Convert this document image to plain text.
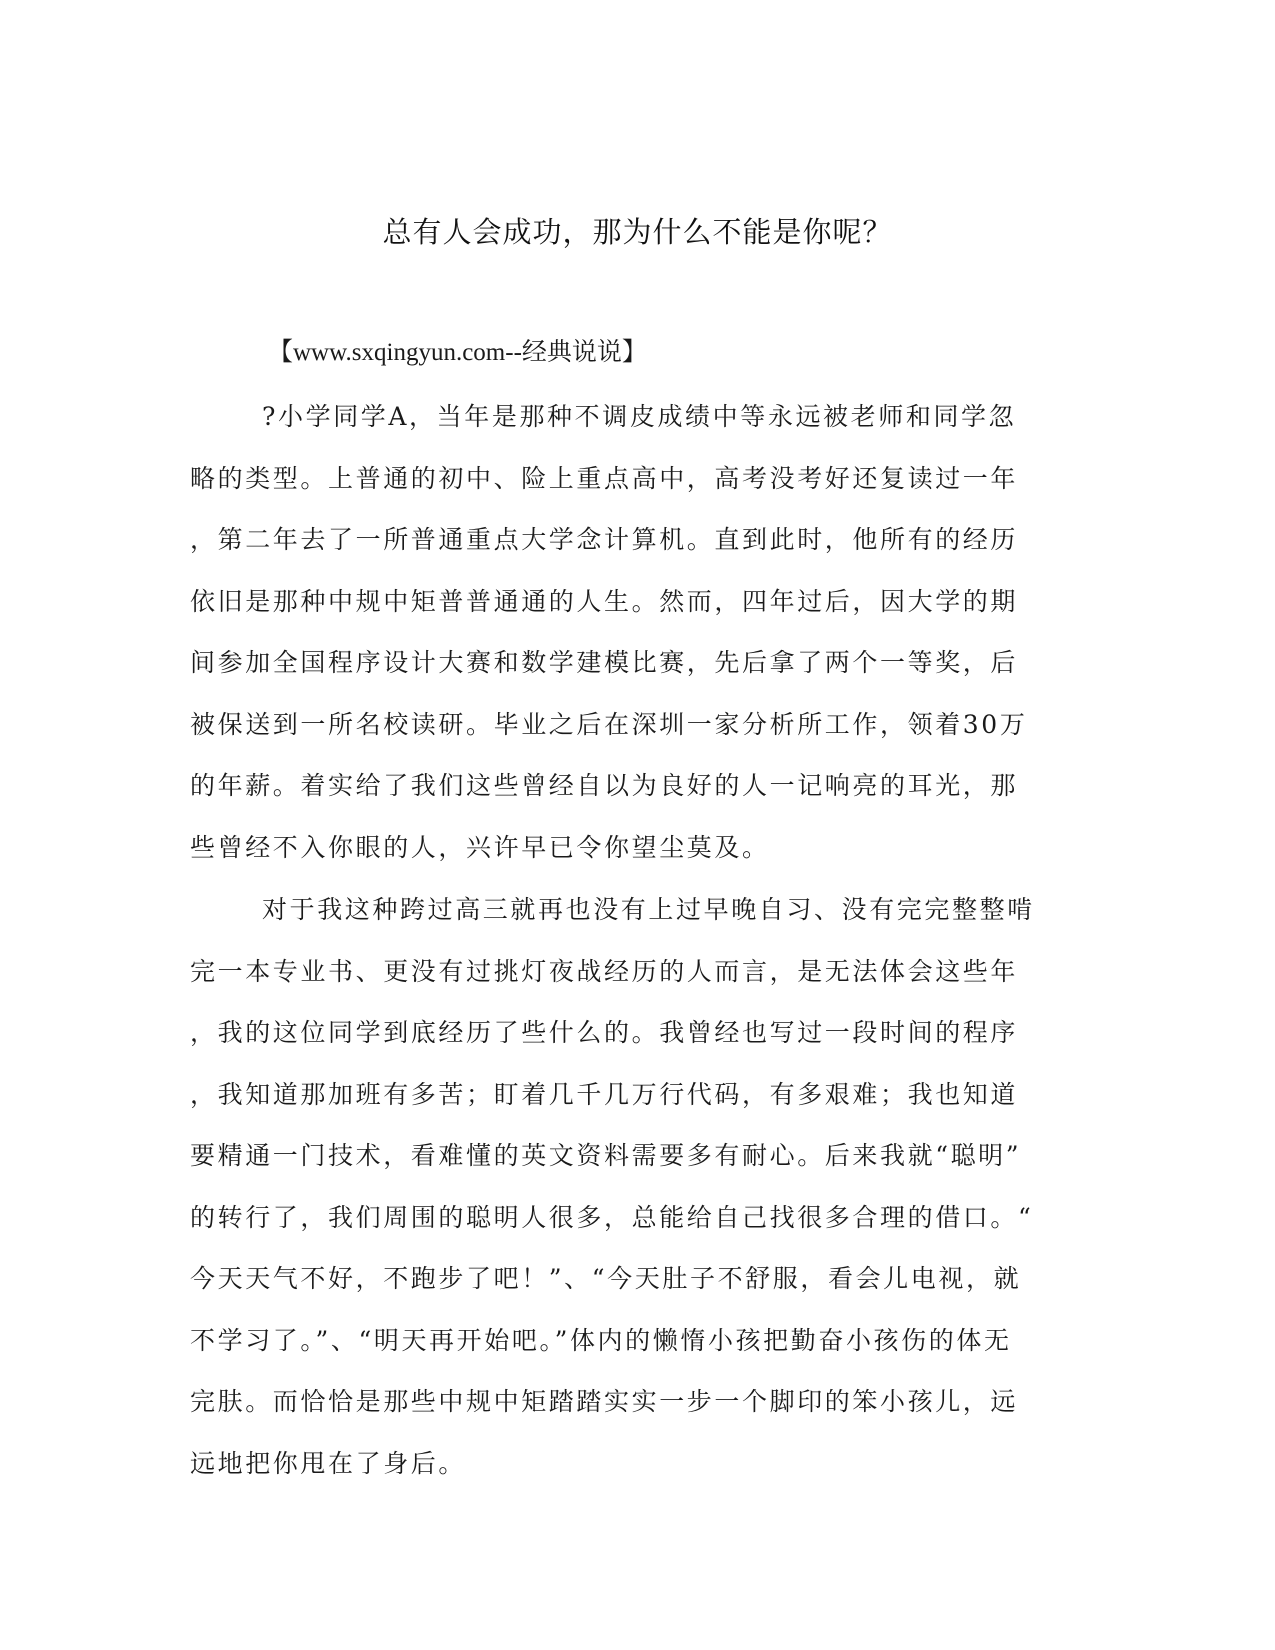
总有人会成功，那为什么不能是你呢？

【www.sxqingyun.com--经典说说】

?小学同学A，当年是那种不调皮成绩中等永远被老师和同学忽
略的类型。上普通的初中、险上重点高中，高考没考好还复读过一年
，第二年去了一所普通重点大学念计算机。直到此时，他所有的经历
依旧是那种中规中矩普普通通的人生。然而，四年过后，因大学的期
间参加全国程序设计大赛和数学建模比赛，先后拿了两个一等奖，后
被保送到一所名校读研。毕业之后在深圳一家分析所工作，领着30万
的年薪。着实给了我们这些曾经自以为良好的人一记响亮的耳光，那
些曾经不入你眼的人，兴许早已令你望尘莫及。
对于我这种跨过高三就再也没有上过早晚自习、没有完完整整啃
完一本专业书、更没有过挑灯夜战经历的人而言，是无法体会这些年
，我的这位同学到底经历了些什么的。我曾经也写过一段时间的程序
，我知道那加班有多苦；盯着几千几万行代码，有多艰难；我也知道
要精通一门技术，看难懂的英文资料需要多有耐心。后来我就“聪明”
的转行了，我们周围的聪明人很多，总能给自己找很多合理的借口。“
今天天气不好，不跑步了吧！”、“今天肚子不舒服，看会儿电视，就
不学习了。”、“明天再开始吧。”体内的懒惰小孩把勤奋小孩伤的体无
完肤。而恰恰是那些中规中矩踏踏实实一步一个脚印的笨小孩儿，远
远地把你甩在了身后。
